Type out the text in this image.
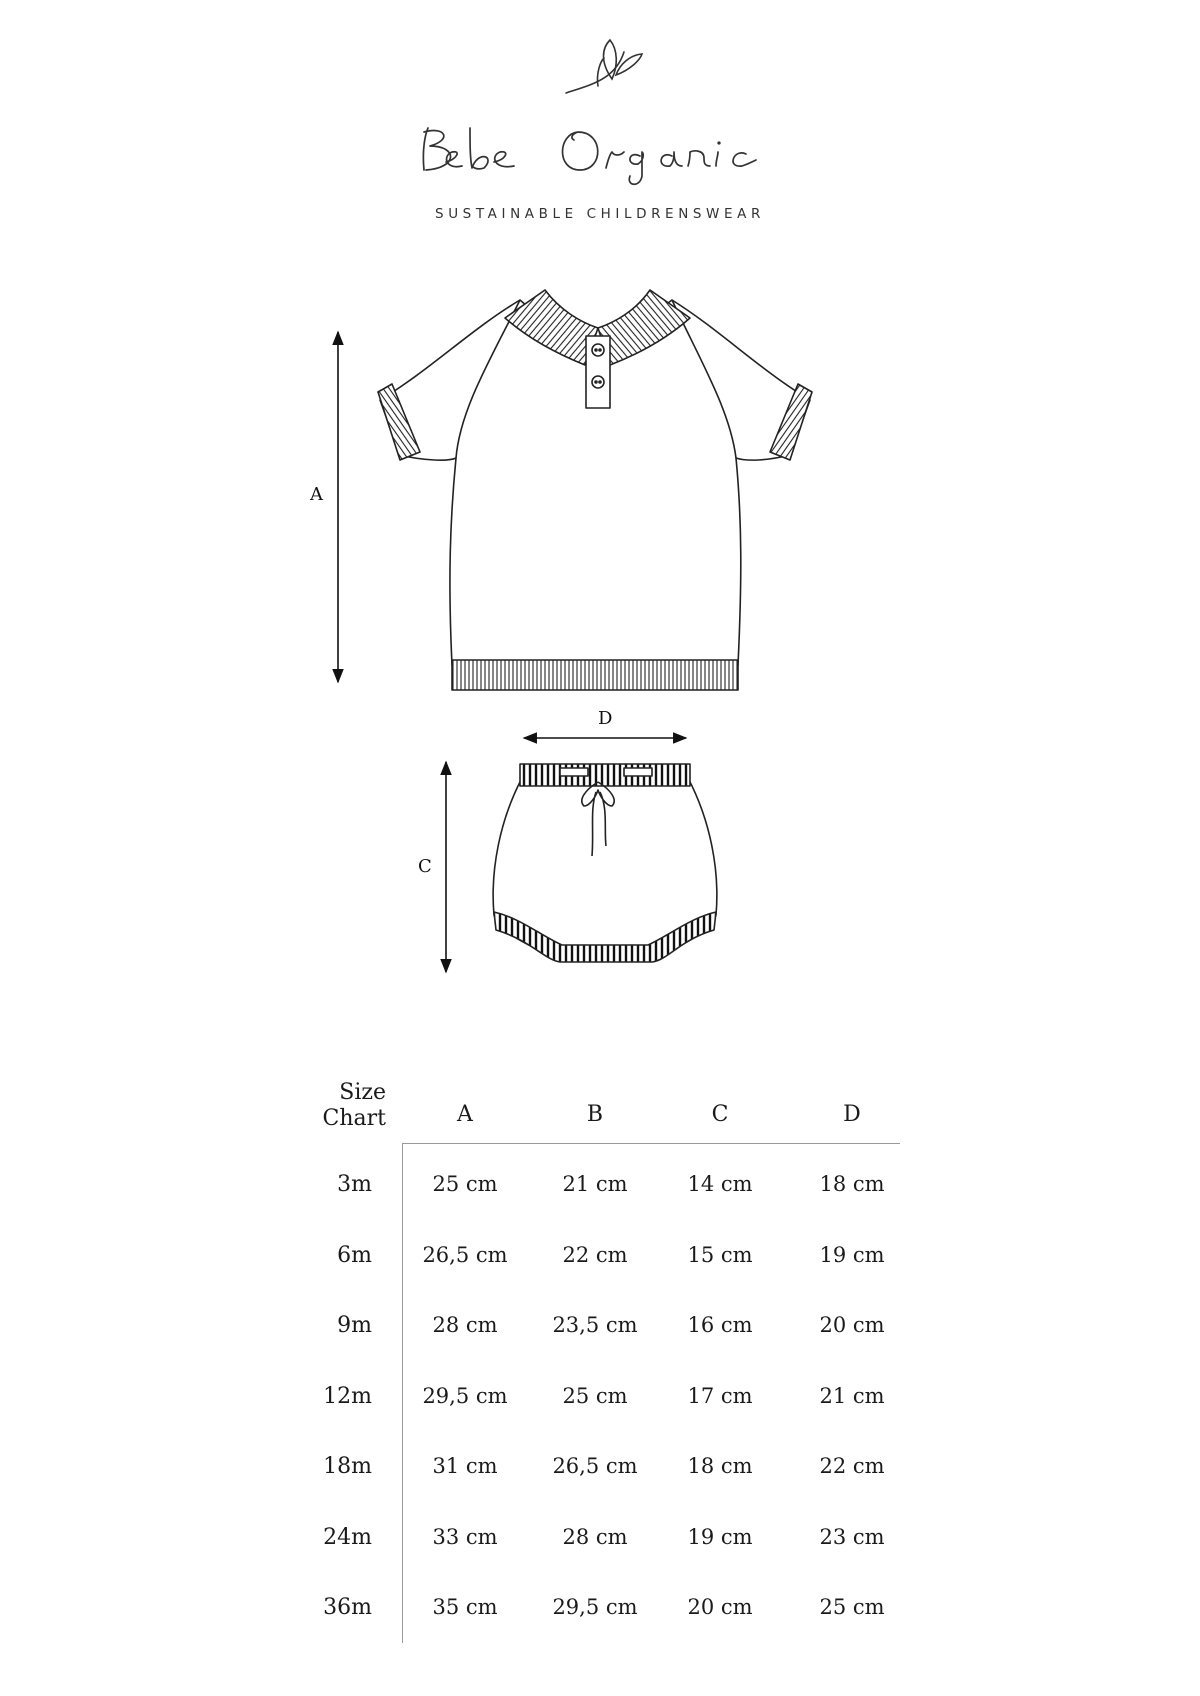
SUSTAINABLE CHILDRENSWEAR
A
D
C
Size
Chart	A	B	C	D
3m	25 cm	21 cm	14 cm	18 cm
6m	26,5 cm	22 cm	15 cm	19 cm
9m	28 cm	23,5 cm	16 cm	20 cm
12m	29,5 cm	25 cm	17 cm	21 cm
18m	31 cm	26,5 cm	18 cm	22 cm
24m	33 cm	28 cm	19 cm	23 cm
36m	35 cm	29,5 cm	20 cm	25 cm
